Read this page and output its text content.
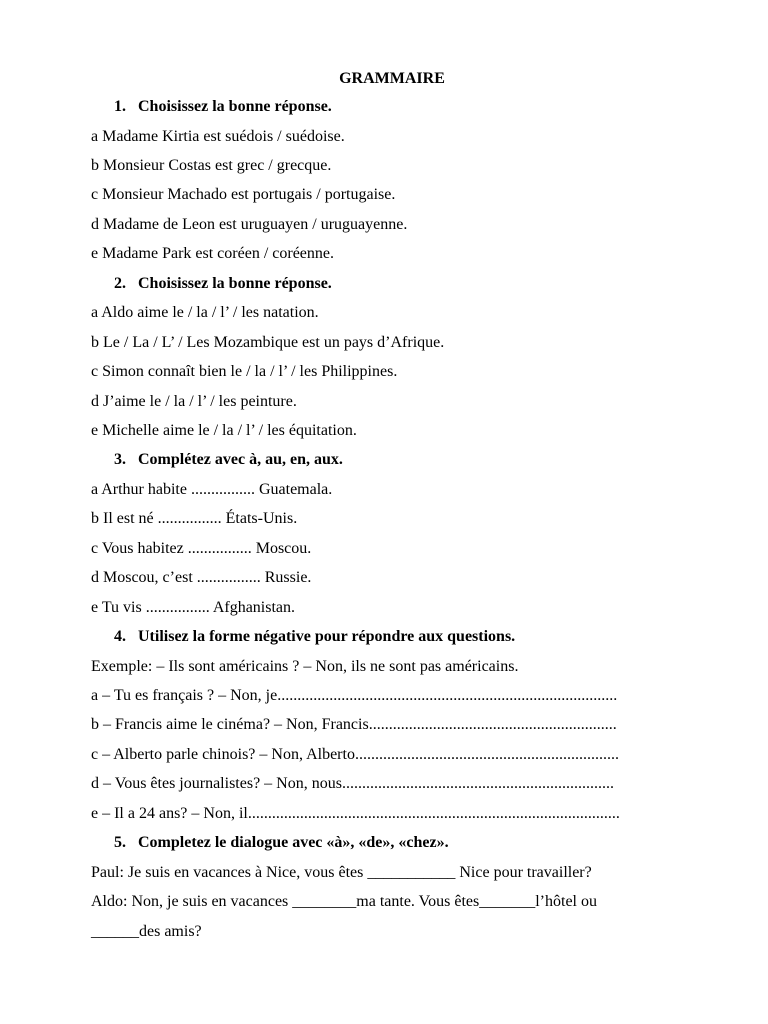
GRAMMAIRE
1. Choisissez la bonne réponse.
a Madame Kirtia est suédois / suédoise.
b Monsieur Costas est grec / grecque.
c Monsieur Machado est portugais / portugaise.
d Madame de Leon est uruguayen / uruguayenne.
e Madame Park est coréen / coréenne.
2. Choisissez la bonne réponse.
a Aldo aime le / la / l’ / les natation.
b Le / La / L’ / Les Mozambique est un pays d’Afrique.
c Simon connaît bien le / la / l’ / les Philippines.
d J’aime le / la / l’ / les peinture.
e Michelle aime le / la / l’ / les équitation.
3. Complétez avec à, au, en, aux.
a Arthur habite ................ Guatemala.
b Il est né ................ États-Unis.
c Vous habitez ................ Moscou.
d Moscou, c’est ................ Russie.
e Tu vis ................ Afghanistan.
4. Utilisez la forme négative pour répondre aux questions.
Exemple: – Ils sont américains ? – Non, ils ne sont pas américains.
a – Tu es français ? – Non, je.....................................................................................
b – Francis aime le cinéma? – Non, Francis..............................................................
c – Alberto parle chinois? – Non, Alberto..................................................................
d – Vous êtes journalistes? – Non, nous....................................................................
e – Il a 24 ans? – Non, il.............................................................................................
5. Completez le dialogue avec «à», «de», «chez».
Paul: Je suis en vacances à Nice, vous êtes ___________ Nice pour travailler?
Aldo: Non, je suis en vacances ________ma tante. Vous êtes_______l’hôtel ou
______des amis?
